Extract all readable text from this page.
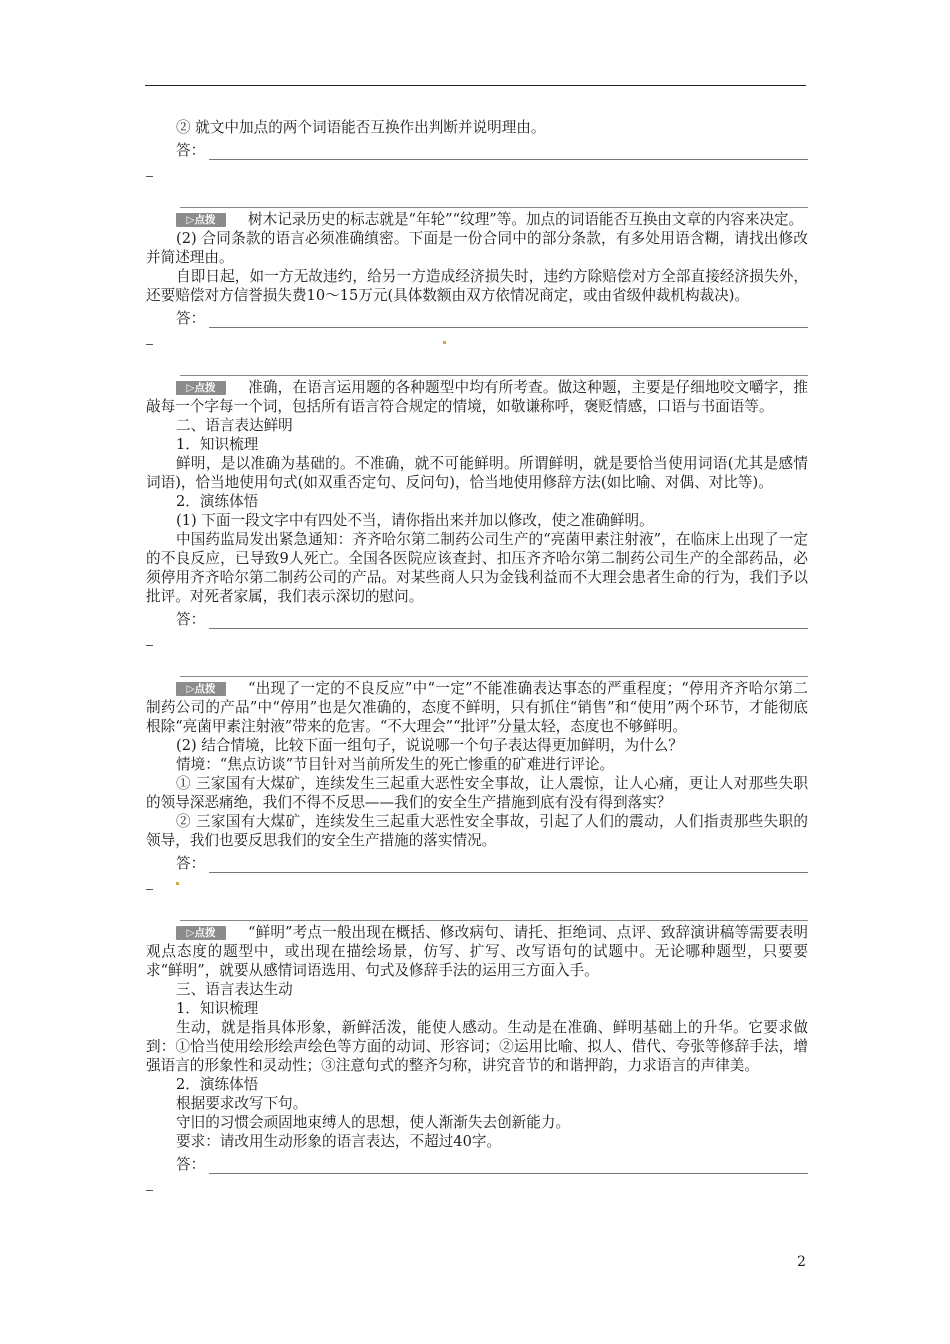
② 就文中加点的两个词语能否互换作出判断并说明理由。

答：

▷点拨 树木记录历史的标志就是“年轮”“纹理”等。加点的词语能否互换由文章的内容来决定。

(2) 合同条款的语言必须准确缜密。下面是一份合同中的部分条款，有多处用语含糊，请找出修改并简述理由。

自即日起，如一方无故违约，给另一方造成经济损失时，违约方除赔偿对方全部直接经济损失外，还要赔偿对方信誉损失费10～15万元(具体数额由双方依情况商定，或由省级仲裁机构裁决)。

答：

▷点拨 准确，在语言运用题的各种题型中均有所考查。做这种题，主要是仔细地咬文嚼字，推敲每一个字每一个词，包括所有语言符合规定的情境，如敬谦称呼，褒贬情感，口语与书面语等。

二、语言表达鲜明

1．知识梳理

鲜明，是以准确为基础的。不准确，就不可能鲜明。所谓鲜明，就是要恰当使用词语(尤其是感情词语)，恰当地使用句式(如双重否定句、反问句)，恰当地使用修辞方法(如比喻、对偶、对比等)。

2．演练体悟

(1) 下面一段文字中有四处不当，请你指出来并加以修改，使之准确鲜明。

中国药监局发出紧急通知：齐齐哈尔第二制药公司生产的“亮菌甲素注射液”，在临床上出现了一定的不良反应，已导致9人死亡。全国各医院应该查封、扣压齐齐哈尔第二制药公司生产的全部药品，必须停用齐齐哈尔第二制药公司的产品。对某些商人只为金钱利益而不大理会患者生命的行为，我们予以批评。对死者家属，我们表示深切的慰问。

答：

▷点拨 “出现了一定的不良反应”中“一定”不能准确表达事态的严重程度；“停用齐齐哈尔第二制药公司的产品”中“停用”也是欠准确的，态度不鲜明，只有抓住“销售”和“使用”两个环节，才能彻底根除“亮菌甲素注射液”带来的危害。“不大理会”“批评”分量太轻，态度也不够鲜明。

(2) 结合情境，比较下面一组句子，说说哪一个句子表达得更加鲜明，为什么？

情境：“焦点访谈”节目针对当前所发生的死亡惨重的矿难进行评论。

① 三家国有大煤矿，连续发生三起重大恶性安全事故，让人震惊，让人心痛，更让人对那些失职的领导深恶痛绝，我们不得不反思——我们的安全生产措施到底有没有得到落实？

② 三家国有大煤矿，连续发生三起重大恶性安全事故，引起了人们的震动，人们指责那些失职的领导，我们也要反思我们的安全生产措施的落实情况。

答：

▷点拨 “鲜明”考点一般出现在概括、修改病句、请托、拒绝词、点评、致辞演讲稿等需要表明观点态度的题型中，或出现在描绘场景，仿写、扩写、改写语句的试题中。无论哪种题型，只要要求“鲜明”，就要从感情词语选用、句式及修辞手法的运用三方面入手。

三、语言表达生动

1．知识梳理

生动，就是指具体形象，新鲜活泼，能使人感动。生动是在准确、鲜明基础上的升华。它要求做到：①恰当使用绘形绘声绘色等方面的动词、形容词；②运用比喻、拟人、借代、夸张等修辞手法，增强语言的形象性和灵动性；③注意句式的整齐匀称，讲究音节的和谐押韵，力求语言的声律美。

2．演练体悟

根据要求改写下句。

守旧的习惯会顽固地束缚人的思想，使人渐渐失去创新能力。

要求：请改用生动形象的语言表达，不超过40字。

答：
2
